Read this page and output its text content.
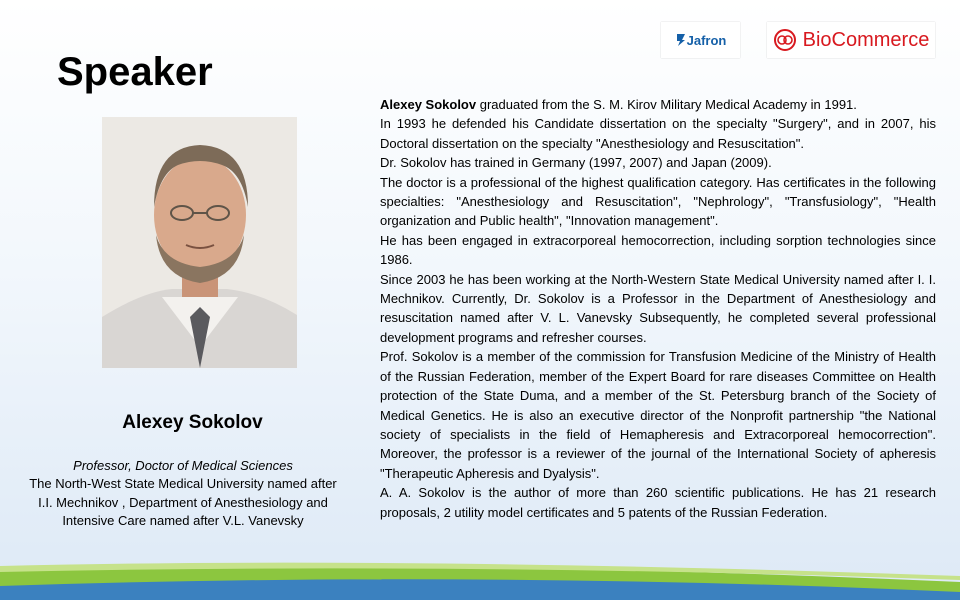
Speaker
Jafron	BioCommerce
Alexey Sokolov
Professor, Doctor of Medical Sciences
The North-West State Medical University named after I.I. Mechnikov , Department of Anesthesiology and Intensive Care named after V.L. Vanevsky

Alexey Sokolov graduated from the S. M. Kirov Military Medical Academy in 1991.

In 1993 he defended his Candidate dissertation on the specialty "Surgery", and in 2007, his Doctoral dissertation on the specialty "Anesthesiology and Resuscitation".

Dr. Sokolov has trained in Germany (1997, 2007) and Japan (2009).

The doctor is a professional of the highest qualification category. Has certificates in the following specialties: "Anesthesiology and Resuscitation", "Nephrology", "Transfusiology", "Health organization and Public health", "Innovation management".

He has been engaged in extracorporeal hemocorrection, including sorption technologies since 1986.

Since 2003 he has been working at the North-Western State Medical University named after I. I. Mechnikov. Currently, Dr. Sokolov is a Professor in the Department of Anesthesiology and resuscitation named after V. L. Vanevsky Subsequently, he completed several professional development programs and refresher courses.

Prof. Sokolov is a member of the commission for Transfusion Medicine of the Ministry of Health of the Russian Federation, member of the Expert Board for rare diseases Committee on Health protection of the State Duma, and a member of the St. Petersburg branch of the Society of Medical Genetics. He is also an executive director of the Nonprofit partnership "the National society of specialists in the field of Hemapheresis and Extracorporeal hemocorrection". Moreover, the professor is a reviewer of the journal of the International Society of apheresis "Therapeutic Apheresis and Dyalysis".

A. A. Sokolov is the author of more than 260 scientific publications. He has 21 research proposals, 2 utility model certificates and 5 patents of the Russian Federation.
